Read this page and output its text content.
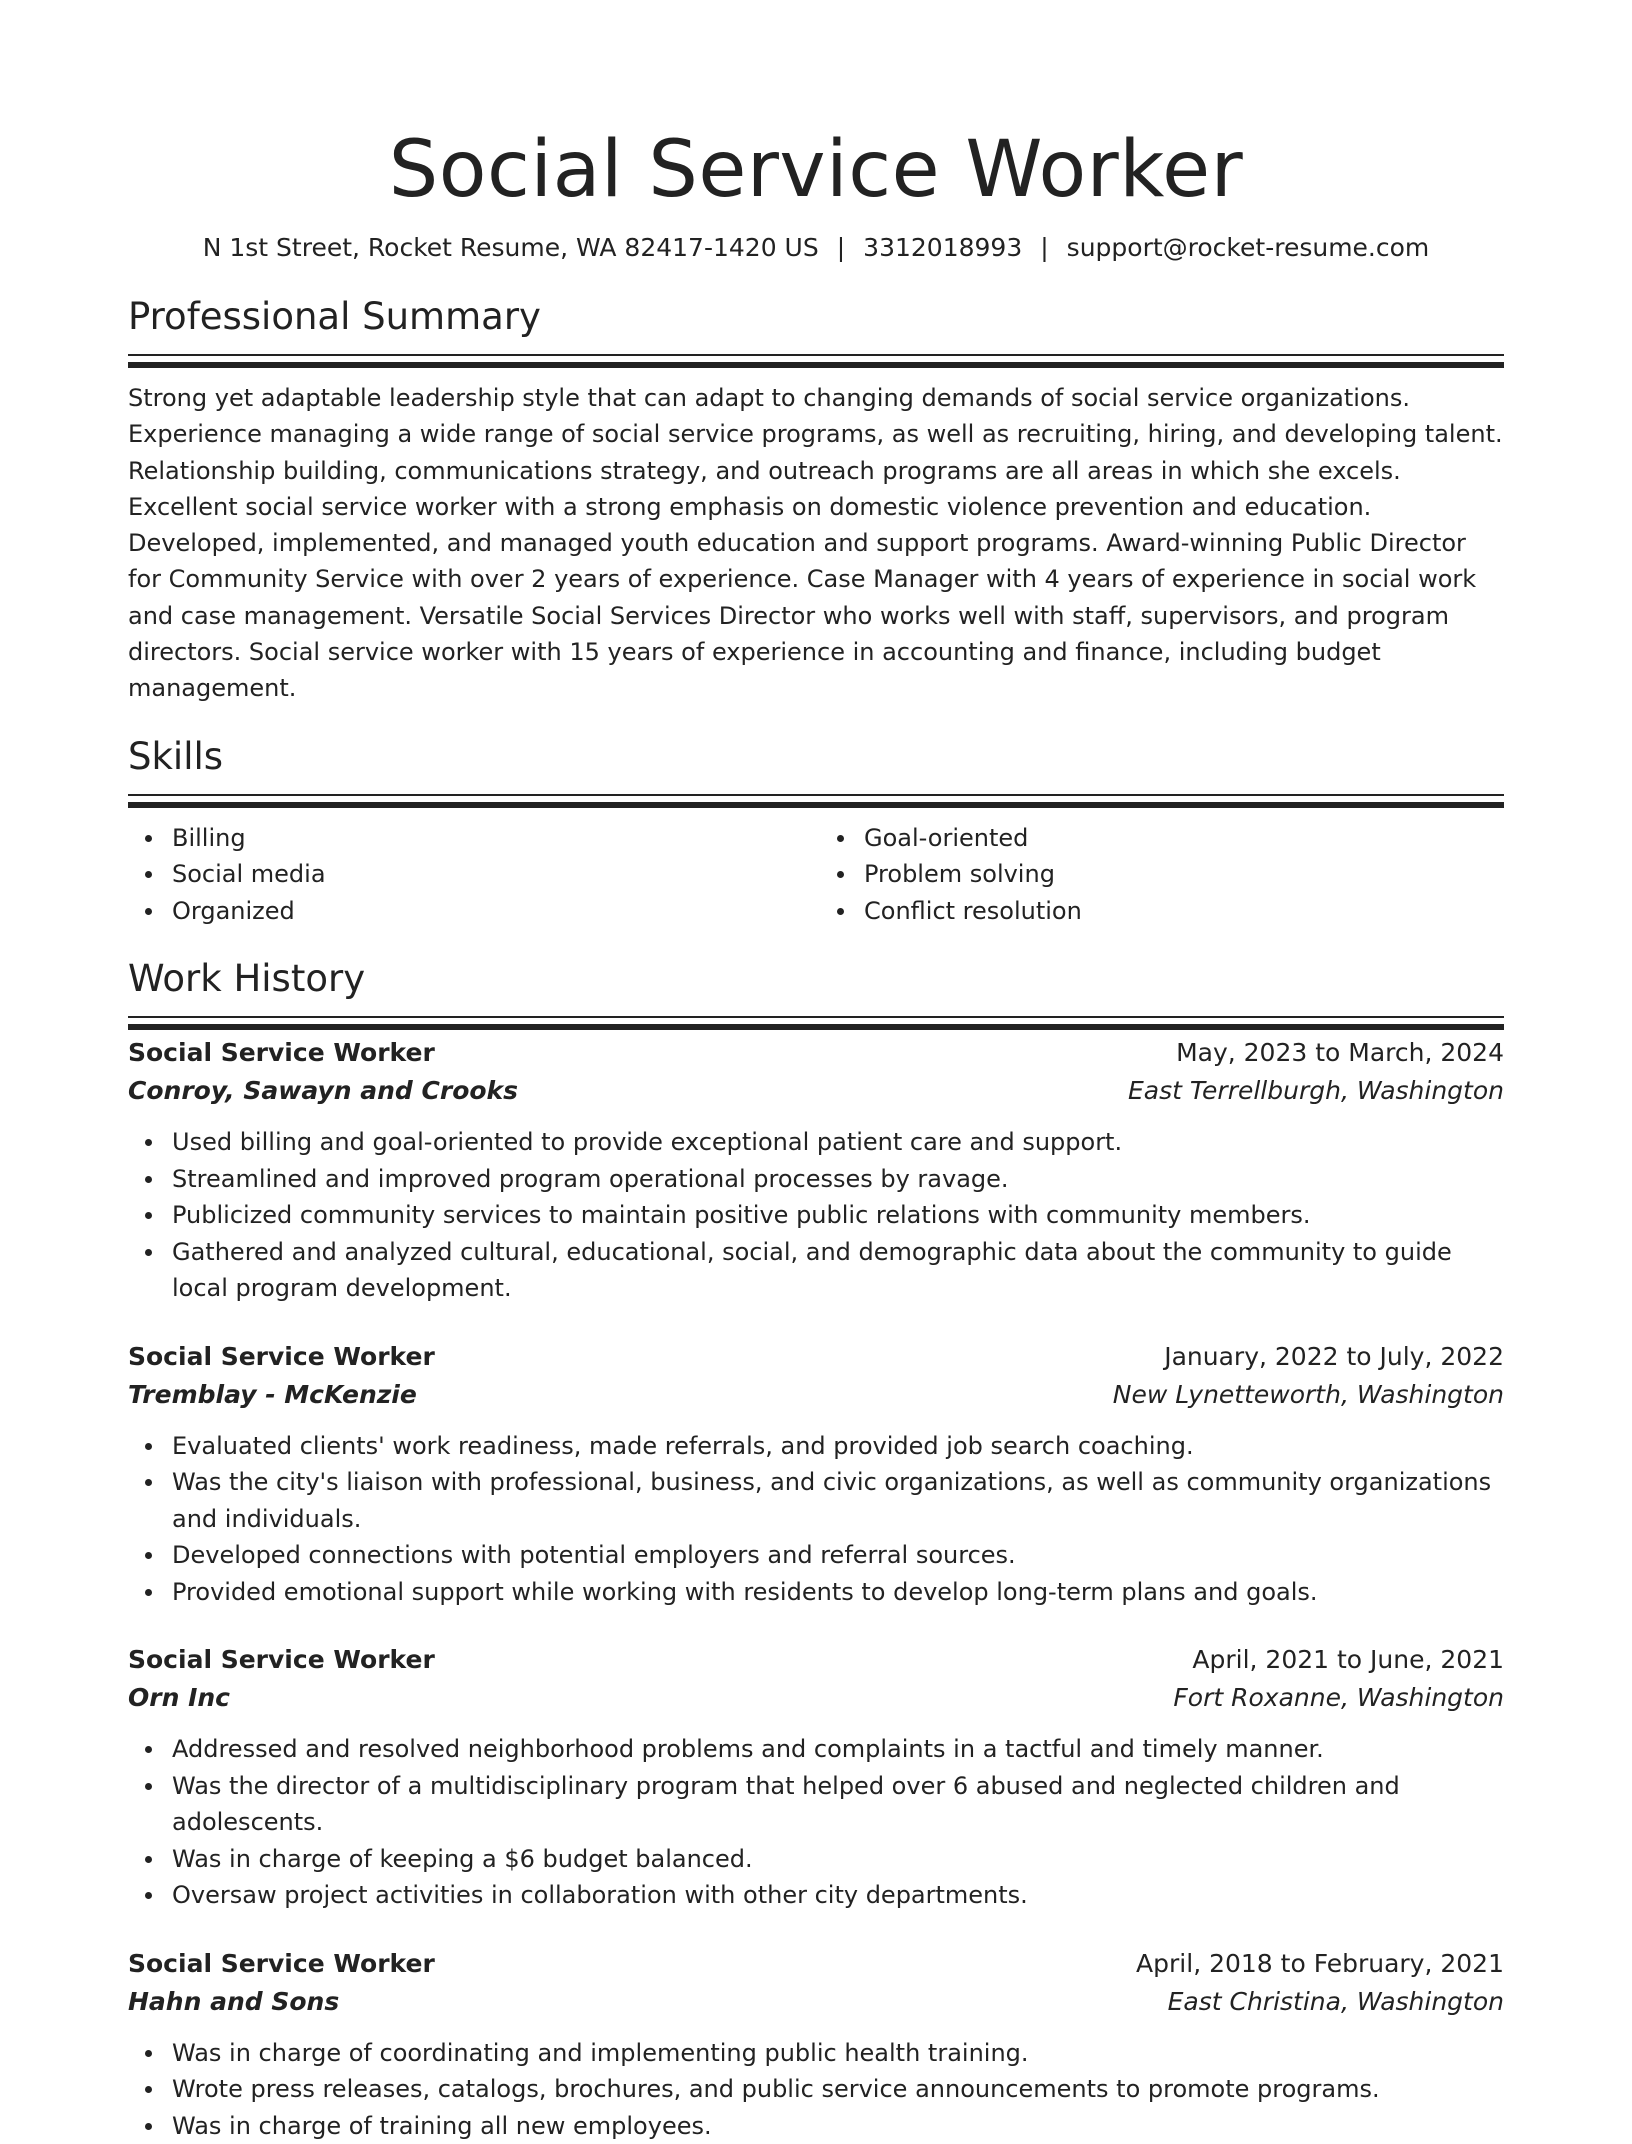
Social Service Worker
N 1st Street, Rocket Resume, WA 82417-1420 US | 3312018993 | support@rocket-resume.com
Professional Summary

Strong yet adaptable leadership style that can adapt to changing demands of social service organizations. Experience managing a wide range of social service programs, as well as recruiting, hiring, and developing talent. Relationship building, communications strategy, and outreach programs are all areas in which she excels. Excellent social service worker with a strong emphasis on domestic violence prevention and education. Developed, implemented, and managed youth education and support programs. Award-winning Public Director for Community Service with over 2 years of experience. Case Manager with 4 years of experience in social work and case management. Versatile Social Services Director who works well with staff, supervisors, and program directors. Social service worker with 15 years of experience in accounting and finance, including budget management.

Skills
Billing
Social media
Organized
Goal-oriented
Problem solving
Conflict resolution
Work History
Social Service Worker	May, 2023 to March, 2024
Conroy, Sawayn and Crooks	East Terrellburgh, Washington
Used billing and goal-oriented to provide exceptional patient care and support.
Streamlined and improved program operational processes by ravage.
Publicized community services to maintain positive public relations with community members.
Gathered and analyzed cultural, educational, social, and demographic data about the community to guide local program development.
Social Service Worker	January, 2022 to July, 2022
Tremblay - McKenzie	New Lynetteworth, Washington
Evaluated clients' work readiness, made referrals, and provided job search coaching.
Was the city's liaison with professional, business, and civic organizations, as well as community organizations and individuals.
Developed connections with potential employers and referral sources.
Provided emotional support while working with residents to develop long-term plans and goals.
Social Service Worker	April, 2021 to June, 2021
Orn Inc	Fort Roxanne, Washington
Addressed and resolved neighborhood problems and complaints in a tactful and timely manner.
Was the director of a multidisciplinary program that helped over 6 abused and neglected children and adolescents.
Was in charge of keeping a $6 budget balanced.
Oversaw project activities in collaboration with other city departments.
Social Service Worker	April, 2018 to February, 2021
Hahn and Sons	East Christina, Washington
Was in charge of coordinating and implementing public health training.
Wrote press releases, catalogs, brochures, and public service announcements to promote programs.
Was in charge of training all new employees.
